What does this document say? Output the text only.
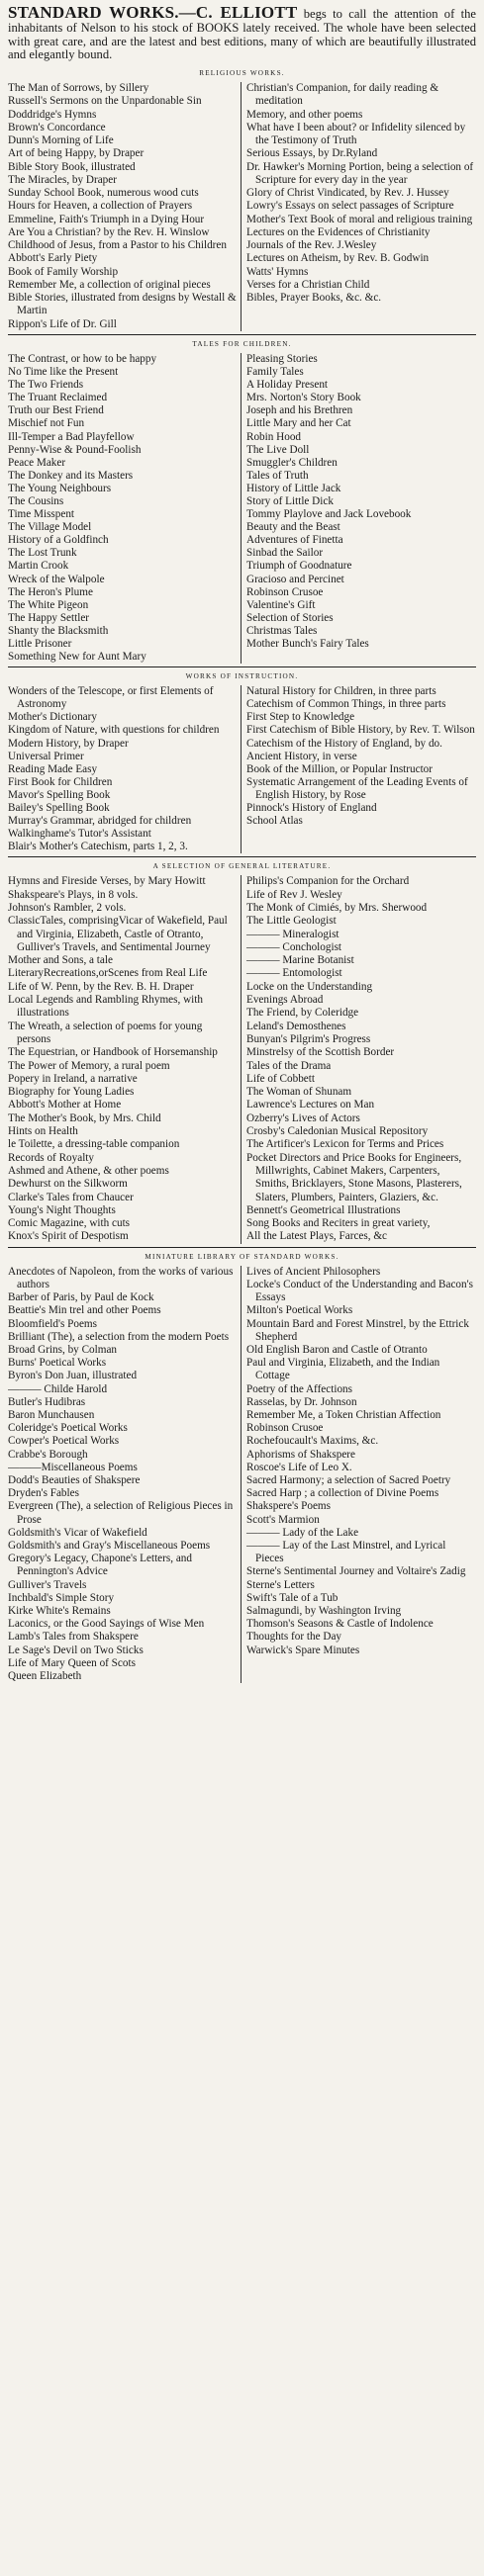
STANDARD WORKS.—C. ELLIOTT begs to call the attention of the inhabitants of Nelson to his stock of BOOKS lately received. The whole have been selected with great care, and are the latest and best editions, many of which are beautifully illustrated and elegantly bound.

RELIGIOUS WORKS.
The Man of Sorrows, by Sillery
Russell's Sermons on the Unpardonable Sin
Doddridge's Hymns
Brown's Concordance
Dunn's Morning of Life
Art of being Happy, by Draper
Bible Story Book, illustrated
The Miracles, by Draper
Sunday School Book, numerous wood cuts
Hours for Heaven, a collection of Prayers
Emmeline, Faith's Triumph in a Dying Hour
Are You a Christian? by the Rev. H. Winslow
Childhood of Jesus, from a Pastor to his Children
Abbott's Early Piety
Book of Family Worship
Remember Me, a collection of original pieces
Bible Stories, illustrated from designs by Westall & Martin
Rippon's Life of Dr. Gill
Christian's Companion, for daily reading & meditation
Memory, and other poems
What have I been about? or Infidelity silenced by the Testimony of Truth
Serious Essays, by Dr.Ryland
Dr. Hawker's Morning Portion, being a selection of Scripture for every day in the year
Glory of Christ Vindicated, by Rev. J. Hussey
Lowry's Essays on select passages of Scripture
Mother's Text Book of moral and religious training
Lectures on the Evidences of Christianity
Journals of the Rev. J.Wesley
Lectures on Atheism, by Rev. B. Godwin
Watts' Hymns
Verses for a Christian Child
Bibles, Prayer Books, &c. &c.
TALES FOR CHILDREN.
The Contrast, or how to be happy
No Time like the Present
The Two Friends
The Truant Reclaimed
Truth our Best Friend
Mischief not Fun
Ill-Temper a Bad Playfellow
Penny-Wise & Pound-Foolish
Peace Maker
The Donkey and its Masters
The Young Neighbours
The Cousins
Time Misspent
The Village Model
History of a Goldfinch
The Lost Trunk
Martin Crook
Wreck of the Walpole
The Heron's Plume
The White Pigeon
The Happy Settler
Shanty the Blacksmith
Little Prisoner
Something New for Aunt Mary
Pleasing Stories
Family Tales
A Holiday Present
Mrs. Norton's Story Book
Joseph and his Brethren
Little Mary and her Cat
Robin Hood
The Live Doll
Smuggler's Children
Tales of Truth
History of Little Jack
Story of Little Dick
Tommy Playlove and Jack Lovebook
Beauty and the Beast
Adventures of Finetta
Sinbad the Sailor
Triumph of Goodnature
Gracioso and Percinet
Robinson Crusoe
Valentine's Gift
Selection of Stories
Christmas Tales
Mother Bunch's Fairy Tales
WORKS OF INSTRUCTION.
Wonders of the Telescope, or first Elements of Astronomy
Mother's Dictionary
Kingdom of Nature, with questions for children
Modern History, by Draper
Universal Primer
Reading Made Easy
First Book for Children
Mavor's Spelling Book
Bailey's Spelling Book
Murray's Grammar, abridged for children
Walkinghame's Tutor's Assistant
Blair's Mother's Catechism, parts 1, 2, 3.
Natural History for Children, in three parts
Catechism of Common Things, in three parts
First Step to Knowledge
First Catechism of Bible History, by Rev. T. Wilson
Catechism of the History of England, by do.
Ancient History, in verse
Book of the Million, or Popular Instructor
Systematic Arrangement of the Leading Events of English History, by Rose
Pinnock's History of England
School Atlas
A SELECTION OF GENERAL LITERATURE.
Hymns and Fireside Verses, by Mary Howitt
Shakspeare's Plays, in 8 vols.
Johnson's Rambler, 2 vols.
ClassicTales, comprisingVicar of Wakefield, Paul and Virginia, Elizabeth, Castle of Otranto, Gulliver's Travels, and Sentimental Journey
Mother and Sons, a tale
LiteraryRecreations,orScenes from Real Life
Life of W. Penn, by the Rev. B. H. Draper
Local Legends and Rambling Rhymes, with illustrations
The Wreath, a selection of poems for young persons
The Equestrian, or Handbook of Horsemanship
The Power of Memory, a rural poem
Popery in Ireland, a narrative
Biography for Young Ladies
Abbott's Mother at Home
The Mother's Book, by Mrs. Child
Hints on Health
le Toilette, a dressing-table companion
Records of Royalty
Ashmed and Athene, & other poems
Dewhurst on the Silkworm
Clarke's Tales from Chaucer
Young's Night Thoughts
Comic Magazine, with cuts
Knox's Spirit of Despotism
Philips's Companion for the Orchard
Life of Rev J. Wesley
The Monk of Cimiés, by Mrs. Sherwood
The Little Geologist
——— Mineralogist
——— Conchologist
——— Marine Botanist
——— Entomologist
Locke on the Understanding
Evenings Abroad
The Friend, by Coleridge
Leland's Demosthenes
Bunyan's Pilgrim's Progress
Minstrelsy of the Scottish Border
Tales of the Drama
Life of Cobbett
The Woman of Shunam
Lawrence's Lectures on Man
Ozberry's Lives of Actors
Crosby's Caledonian Musical Repository
The Artificer's Lexicon for Terms and Prices
Pocket Directors and Price Books for Engineers, Millwrights, Cabinet Makers, Carpenters, Smiths, Bricklayers, Stone Masons, Plasterers, Slaters, Plumbers, Painters, Glaziers, &c.
Bennett's Geometrical Illustrations
Song Books and Reciters in great variety,
All the Latest Plays, Farces, &c
MINIATURE LIBRARY OF STANDARD WORKS.
Anecdotes of Napoleon, from the works of various authors
Barber of Paris, by Paul de Kock
Beattie's Min trel and other Poems
Bloomfield's Poems
Brilliant (The), a selection from the modern Poets
Broad Grins, by Colman
Burns' Poetical Works
Byron's Don Juan, illustrated
——— Childe Harold
Butler's Hudibras
Baron Munchausen
Coleridge's Poetical Works
Cowper's Poetical Works
Crabbe's Borough
———Miscellaneous Poems
Dodd's Beauties of Shakspere
Dryden's Fables
Evergreen (The), a selection of Religious Pieces in Prose
Goldsmith's Vicar of Wakefield
Goldsmith's and Gray's Miscellaneous Poems
Gregory's Legacy, Chapone's Letters, and Pennington's Advice
Gulliver's Travels
Inchbald's Simple Story
Kirke White's Remains
Laconics, or the Good Sayings of Wise Men
Lamb's Tales from Shakspere
Le Sage's Devil on Two Sticks
Life of Mary Queen of Scots
Queen Elizabeth
Lives of Ancient Philosophers
Locke's Conduct of the Understanding and Bacon's Essays
Milton's Poetical Works
Mountain Bard and Forest Minstrel, by the Ettrick Shepherd
Old English Baron and Castle of Otranto
Paul and Virginia, Elizabeth, and the Indian Cottage
Poetry of the Affections
Rasselas, by Dr. Johnson
Remember Me, a Token Christian Affection
Robinson Crusoe
Rochefoucault's Maxims, &c.
Aphorisms of Shakspere
Roscoe's Life of Leo X.
Sacred Harmony; a selection of Sacred Poetry
Sacred Harp ; a collection of Divine Poems
Shakspere's Poems
Scott's Marmion
——— Lady of the Lake
——— Lay of the Last Minstrel, and Lyrical Pieces
Sterne's Sentimental Journey and Voltaire's Zadig
Sterne's Letters
Swift's Tale of a Tub
Salmagundi, by Washington Irving
Thomson's Seasons & Castle of Indolence
Thoughts for the Day
Warwick's Spare Minutes
